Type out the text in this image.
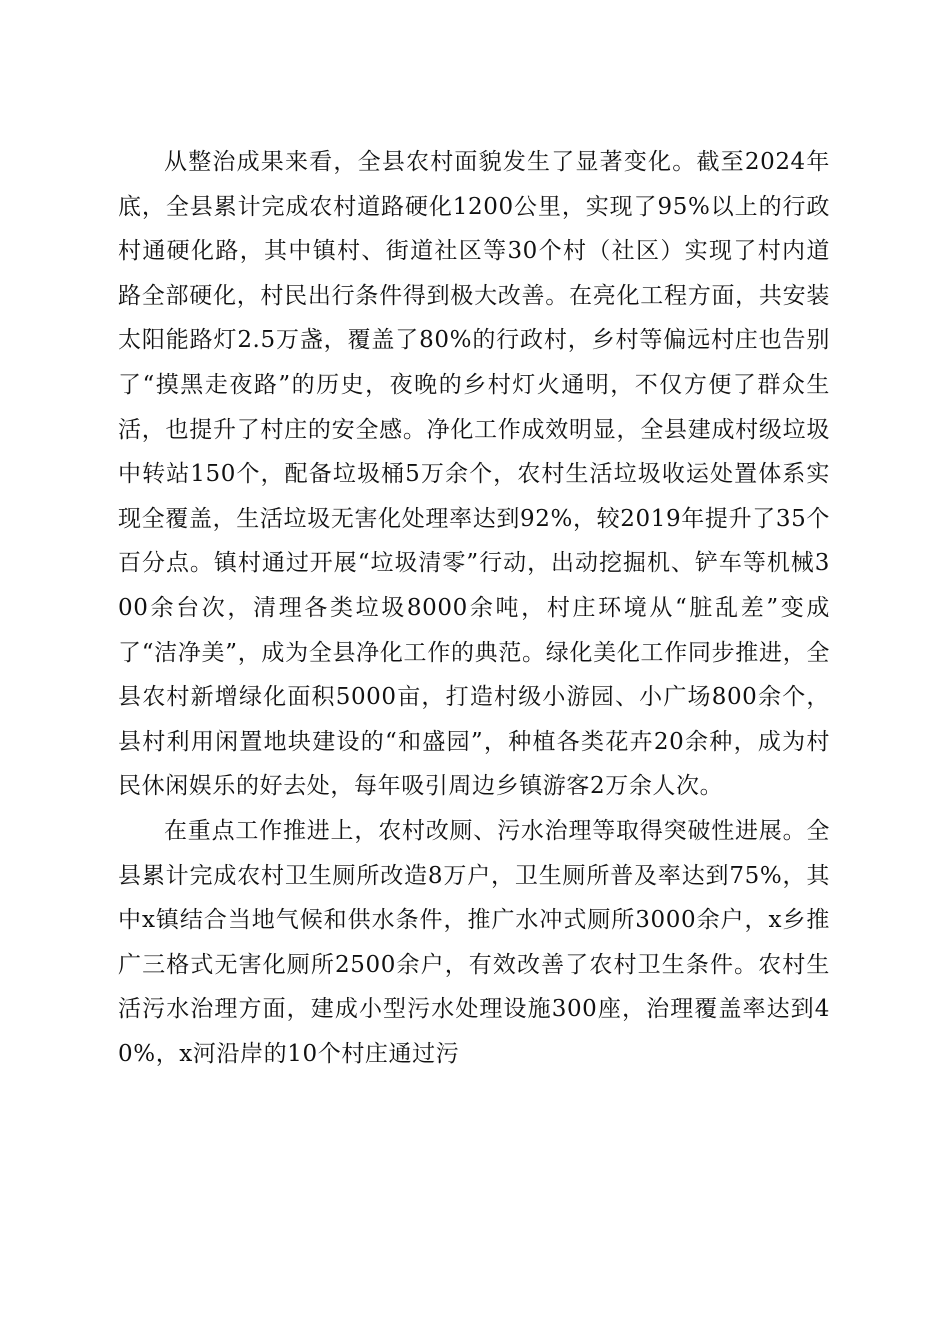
从整治成果来看，全县农村面貌发生了显著变化。截至2024年底，全县累计完成农村道路硬化1200公里，实现了95%以上的行政村通硬化路，其中镇村、街道社区等30个村（社区）实现了村内道路全部硬化，村民出行条件得到极大改善。在亮化工程方面，共安装太阳能路灯2.5万盏，覆盖了80%的行政村，乡村等偏远村庄也告别了“摸黑走夜路”的历史，夜晚的乡村灯火通明，不仅方便了群众生活，也提升了村庄的安全感。净化工作成效明显，全县建成村级垃圾中转站150个，配备垃圾桶5万余个，农村生活垃圾收运处置体系实现全覆盖，生活垃圾无害化处理率达到92%，较2019年提升了35个百分点。镇村通过开展“垃圾清零”行动，出动挖掘机、铲车等机械300余台次，清理各类垃圾8000余吨，村庄环境从“脏乱差”变成了“洁净美”，成为全县净化工作的典范。绿化美化工作同步推进，全县农村新增绿化面积5000亩，打造村级小游园、小广场800余个，县村利用闲置地块建设的“和盛园”，种植各类花卉20余种，成为村民休闲娱乐的好去处，每年吸引周边乡镇游客2万余人次。

在重点工作推进上，农村改厕、污水治理等取得突破性进展。全县累计完成农村卫生厕所改造8万户，卫生厕所普及率达到75%，其中x镇结合当地气候和供水条件，推广水冲式厕所3000余户，x乡推广三格式无害化厕所2500余户，有效改善了农村卫生条件。农村生活污水治理方面，建成小型污水处理设施300座，治理覆盖率达到40%，x河沿岸的10个村庄通过污
